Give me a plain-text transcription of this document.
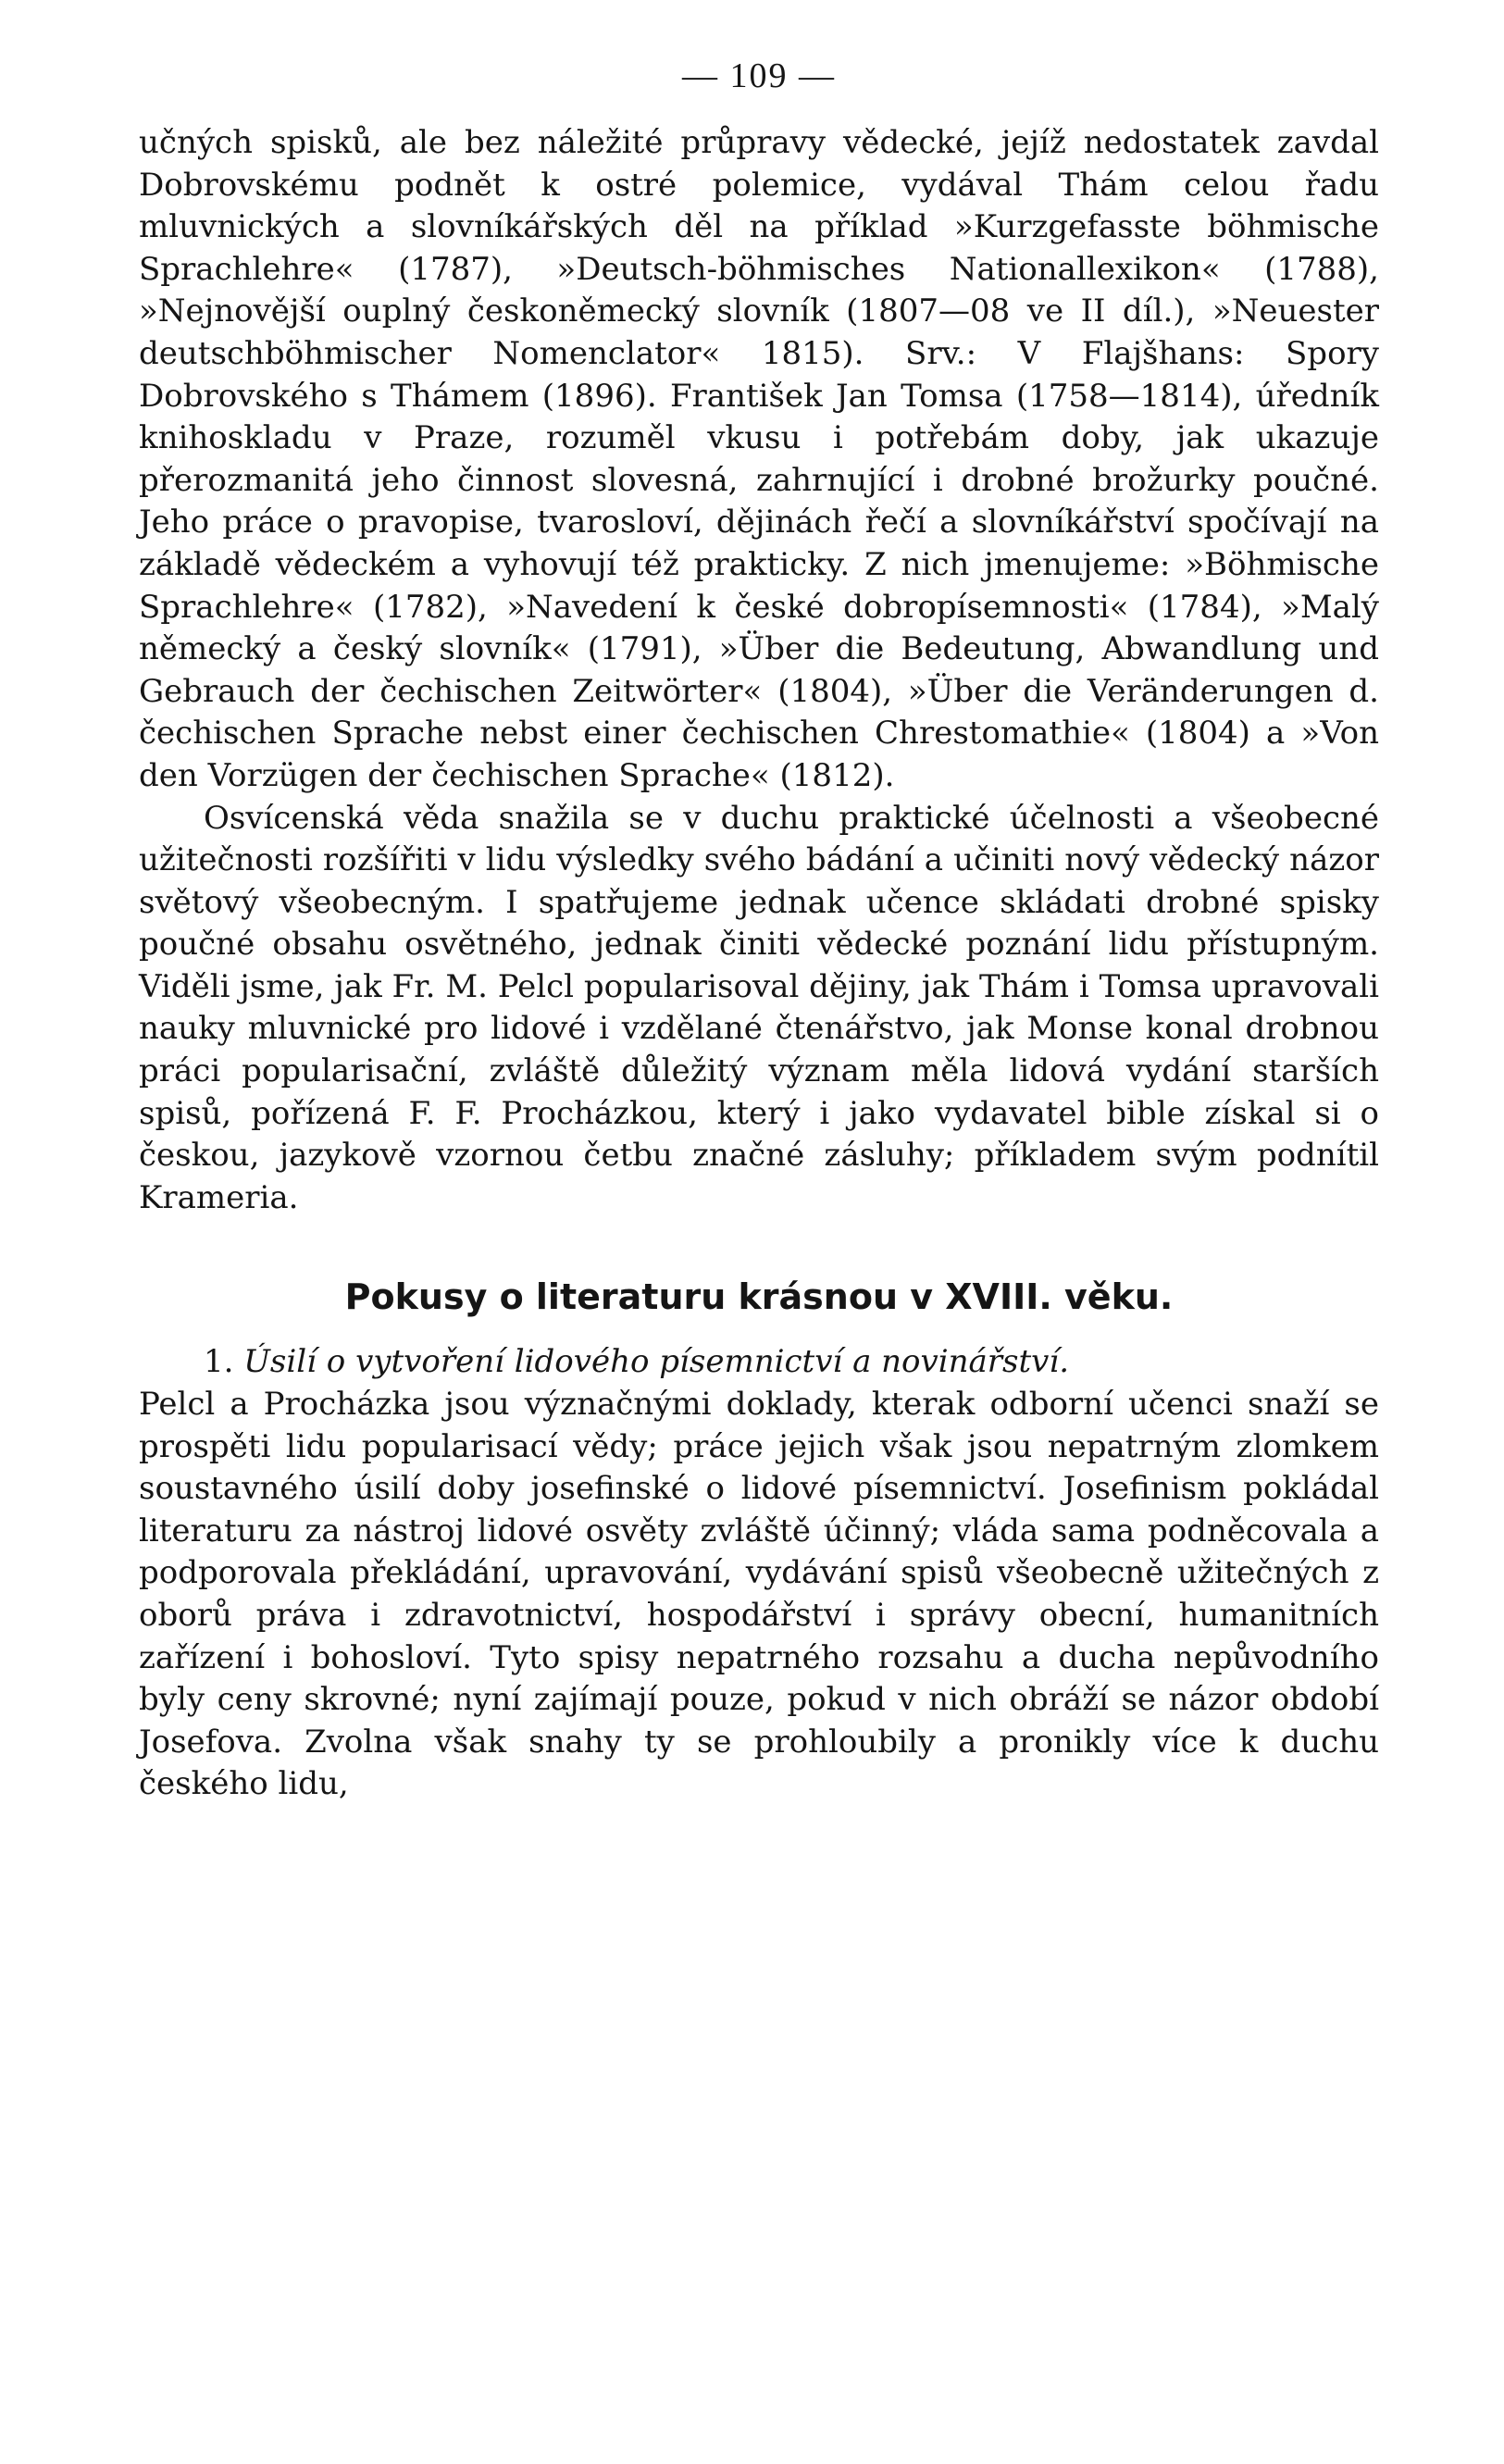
— 109 —

učných spisků, ale bez náležité průpravy vědecké, jejíž nedostatek zavdal Dobrovskému podnět k ostré polemice, vydával Thám celou řadu mluvnických a slovníkářských děl na příklad »Kurzgefasste böhmische Sprachlehre« (1787), »Deutsch-böhmisches Nationallexikon« (1788), »Nejnovější ouplný českoněmecký slovník (1807—08 ve II díl.), »Neuester deutschböhmischer Nomenclator« 1815). Srv.: V Flajšhans: Spory Dobrovského s Thámem (1896). František Jan Tomsa (1758—1814), úředník knihoskladu v Praze, rozuměl vkusu i potřebám doby, jak ukazuje přerozmanitá jeho činnost slovesná, zahrnující i drobné brožurky poučné. Jeho práce o pravopise, tvarosloví, dějinách řečí a slovníkářství spočívají na základě vědeckém a vyhovují též prakticky. Z nich jmenujeme: »Böhmische Sprachlehre« (1782), »Navedení k české dobropísemnosti« (1784), »Malý německý a český slovník« (1791), »Über die Bedeutung, Abwandlung und Gebrauch der čechischen Zeitwörter« (1804), »Über die Veränderungen d. čechischen Sprache nebst einer čechischen Chrestomathie« (1804) a »Von den Vorzügen der čechischen Sprache« (1812).

Osvícenská věda snažila se v duchu praktické účelnosti a všeobecné užitečnosti rozšířiti v lidu výsledky svého bádání a učiniti nový vědecký názor světový všeobecným. I spatřujeme jednak učence skládati drobné spisky poučné obsahu osvětného, jednak činiti vědecké poznání lidu přístupným. Viděli jsme, jak Fr. M. Pelcl popularisoval dějiny, jak Thám i Tomsa upravovali nauky mluvnické pro lidové i vzdělané čtenářstvo, jak Monse konal drobnou práci popularisační, zvláště důležitý význam měla lidová vydání starších spisů, pořízená F. F. Procházkou, který i jako vydavatel bible získal si o českou, jazykově vzornou četbu značné zásluhy; příkladem svým podnítil Krameria.

Pokusy o literaturu krásnou v XVIII. věku.

1. Úsilí o vytvoření lidového písemnictví a novinářství.

Pelcl a Procházka jsou význačnými doklady, kterak odborní učenci snaží se prospěti lidu popularisací vědy; práce jejich však jsou nepatrným zlomkem soustavného úsilí doby josefinské o lidové písemnictví. Josefinism pokládal literaturu za nástroj lidové osvěty zvláště účinný; vláda sama podněcovala a podporovala překládání, upravování, vydávání spisů všeobecně užitečných z oborů práva i zdravotnictví, hospodářství i správy obecní, humanitních zařízení i bohosloví. Tyto spisy nepatrného rozsahu a ducha nepůvodního byly ceny skrovné; nyní zajímají pouze, pokud v nich obráží se názor období Josefova. Zvolna však snahy ty se prohloubily a pronikly více k duchu českého lidu,
